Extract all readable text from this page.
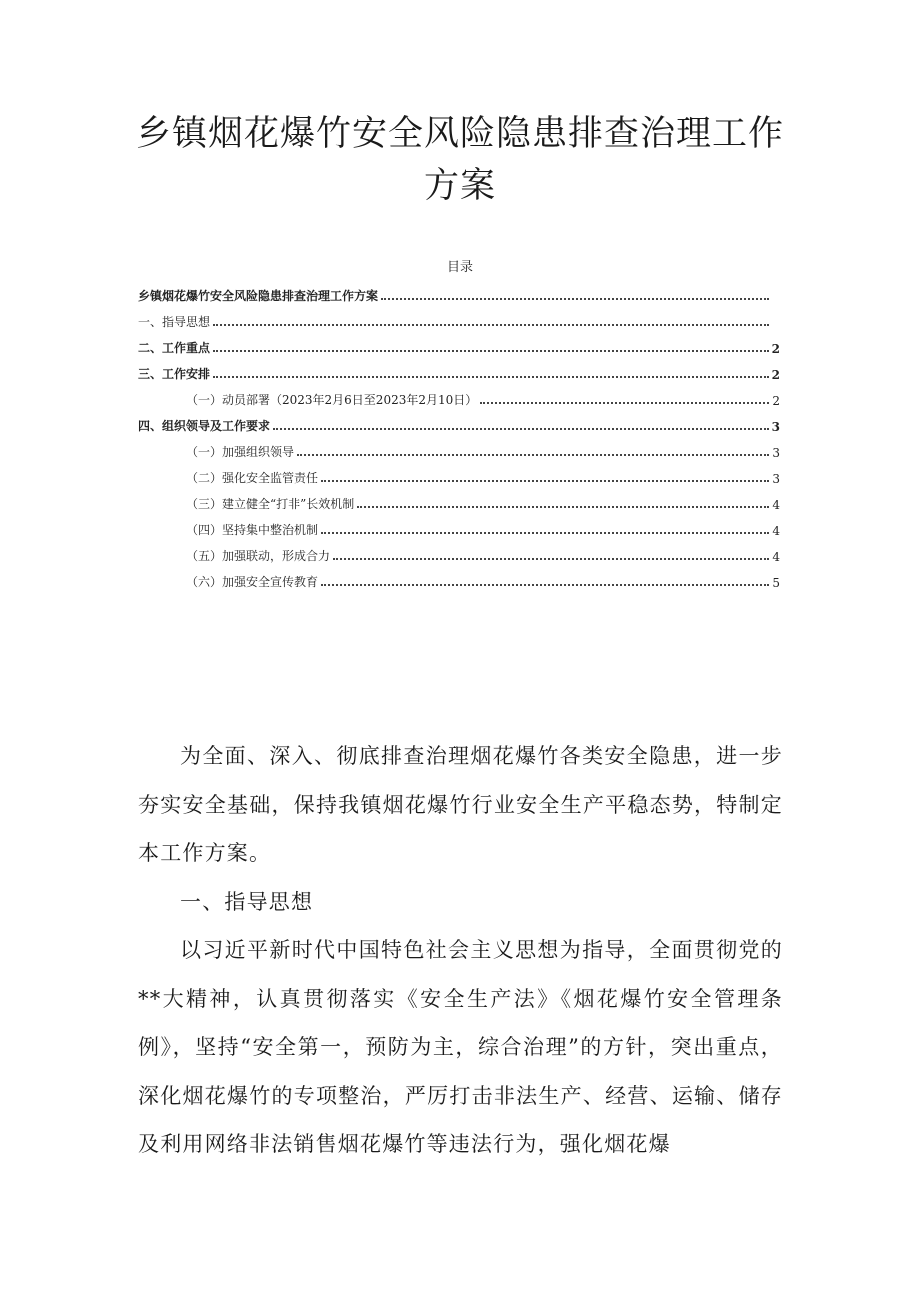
乡镇烟花爆竹安全风险隐患排查治理工作
方案
目录
乡镇烟花爆竹安全风险隐患排查治理工作方案
一、指导思想
二、工作重点	2
三、工作安排	2
（一）动员部署（2023年2月6日至2023年2月10日）	2
四、组织领导及工作要求	3
（一）加强组织领导	3
（二）强化安全监管责任	3
（三）建立健全“打非”长效机制	4
（四）坚持集中整治机制	4
（五）加强联动，形成合力	4
（六）加强安全宣传教育	5

为全面、深入、彻底排查治理烟花爆竹各类安全隐患，进一步夯实安全基础，保持我镇烟花爆竹行业安全生产平稳态势，特制定本工作方案。

一、指导思想

以习近平新时代中国特色社会主义思想为指导，全面贯彻党的**大精神，认真贯彻落实《安全生产法》《烟花爆竹安全管理条例》，坚持“安全第一，预防为主，综合治理”的方针，突出重点，深化烟花爆竹的专项整治，严厉打击非法生产、经营、运输、储存及利用网络非法销售烟花爆竹等违法行为，强化烟花爆
